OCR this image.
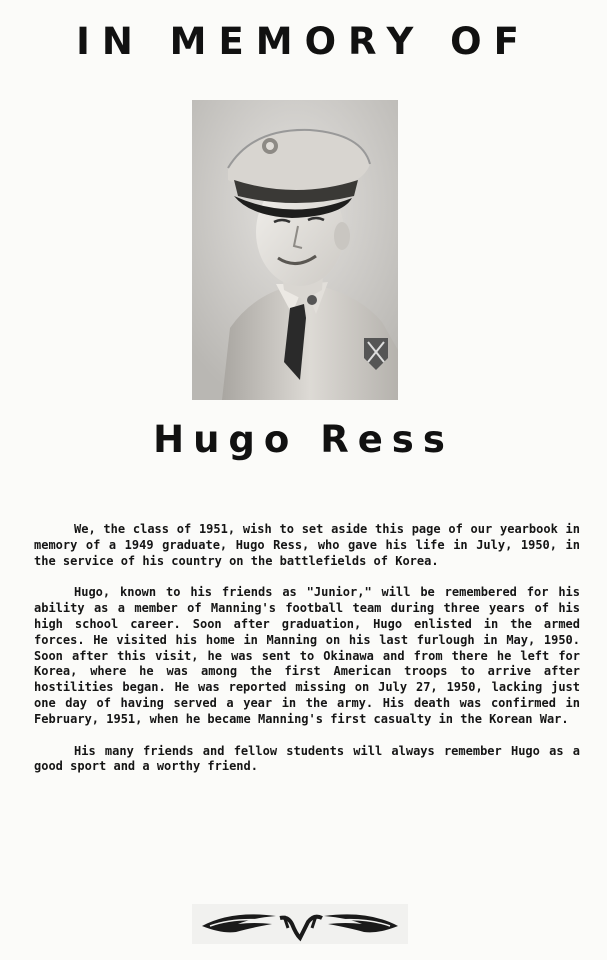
IN MEMORY OF
Hugo Ress

We, the class of 1951, wish to set aside this page of our yearbook in memory of a 1949 graduate, Hugo Ress, who gave his life in July, 1950, in the service of his country on the battlefields of Korea.

Hugo, known to his friends as "Junior," will be remembered for his ability as a member of Manning's football team during three years of his high school career. Soon after graduation, Hugo enlisted in the armed forces. He visited his home in Manning on his last furlough in May, 1950. Soon after this visit, he was sent to Okinawa and from there he left for Korea, where he was among the first American troops to arrive after hostilities began. He was reported missing on July 27, 1950, lacking just one day of having served a year in the army. His death was confirmed in February, 1951, when he became Manning's first casualty in the Korean War.

His many friends and fellow students will always remember Hugo as a good sport and a worthy friend.
